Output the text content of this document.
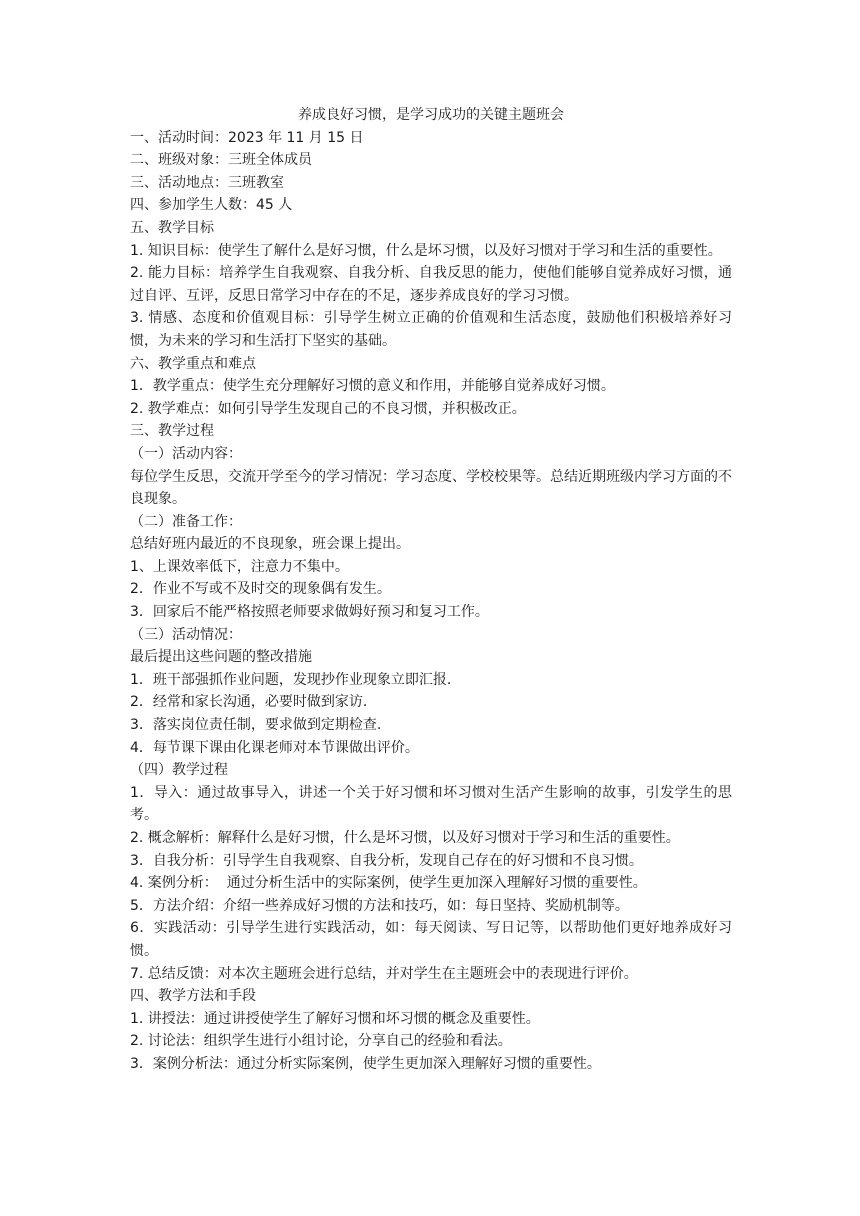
养成良好习惯，是学习成功的关键主题班会

一、活动时间：2023 年 11 月 15 日

二、班级对象：三班全体成员

三、活动地点：三班教室

四、参加学生人数：45 人

五、教学目标

1. 知识目标：使学生了解什么是好习惯，什么是坏习惯，以及好习惯对于学习和生活的重要性。

2. 能力目标：培养学生自我观察、自我分析、自我反思的能力，使他们能够自觉养成好习惯，通过自评、互评，反思日常学习中存在的不足，逐步养成良好的学习习惯。

3. 情感、态度和价值观目标：引导学生树立正确的价值观和生活态度，鼓励他们积极培养好习惯，为未来的学习和生活打下坚实的基础。

六、教学重点和难点

1．教学重点：使学生充分理解好习惯的意义和作用，并能够自觉养成好习惯。

2. 教学难点：如何引导学生发现自己的不良习惯，并积极改正。

三、教学过程

（一）活动内容：

每位学生反思，交流开学至今的学习情况：学习态度、学校校果等。总结近期班级内学习方面的不良现象。

（二）准备工作：

总结好班内最近的不良现象，班会课上提出。

1、上课效率低下，注意力不集中。

2．作业不写或不及时交的现象偶有发生。

3．回家后不能严格按照老师要求做姆好预习和复习工作。

（三）活动情况：

最后提出这些问题的整改措施

1．班干部强抓作业问题，发现抄作业现象立即汇报.

2．经常和家长沟通，必要时做到家访.

3．落实岗位责任制，要求做到定期检查.

4．每节课下课由化课老师对本节课做出评价。

（四）教学过程

1．导入：通过故事导入，讲述一个关于好习惯和坏习惯对生活产生影响的故事，引发学生的思考。

2. 概念解析：解释什么是好习惯，什么是坏习惯，以及好习惯对于学习和生活的重要性。

3．自我分析：引导学生自我观察、自我分析，发现自己存在的好习惯和不良习惯。

4. 案例分析：  通过分析生活中的实际案例，使学生更加深入理解好习惯的重要性。

5．方法介绍：介绍一些养成好习惯的方法和技巧，如：每日坚持、奖励机制等。

6．实践活动：引导学生进行实践活动，如：每天阅读、写日记等，以帮助他们更好地养成好习惯。

7. 总结反馈：对本次主题班会进行总结，并对学生在主题班会中的表现进行评价。

四、教学方法和手段

1. 讲授法：通过讲授使学生了解好习惯和坏习惯的概念及重要性。

2. 讨论法：组织学生进行小组讨论，分享自己的经验和看法。

3．案例分析法：通过分析实际案例，使学生更加深入理解好习惯的重要性。
